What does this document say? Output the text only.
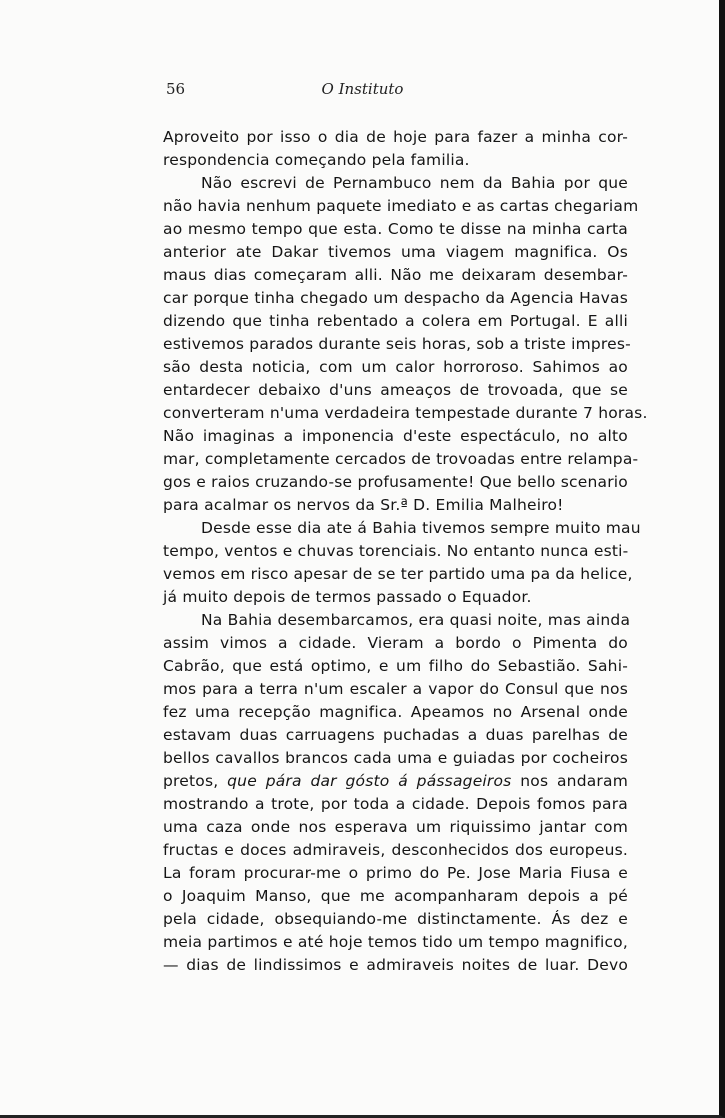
56	O Instituto
Aproveito por isso o dia de hoje para fazer a minha cor-
respondencia começando pela familia.
Não escrevi de Pernambuco nem da Bahia por que
não havia nenhum paquete imediato e as cartas chegariam
ao mesmo tempo que esta. Como te disse na minha carta
anterior ate Dakar tivemos uma viagem magnifica. Os
maus dias começaram alli. Não me deixaram desembar-
car porque tinha chegado um despacho da Agencia Havas
dizendo que tinha rebentado a colera em Portugal. E alli
estivemos parados durante seis horas, sob a triste impres-
são desta noticia, com um calor horroroso. Sahimos ao
entardecer debaixo d'uns ameaços de trovoada, que se
converteram n'uma verdadeira tempestade durante 7 horas.
Não imaginas a imponencia d'este espectáculo, no alto
mar, completamente cercados de trovoadas entre relampa-
gos e raios cruzando-se profusamente! Que bello scenario
para acalmar os nervos da Sr.ª D. Emilia Malheiro!
Desde esse dia ate á Bahia tivemos sempre muito mau
tempo, ventos e chuvas torenciais. No entanto nunca esti-
vemos em risco apesar de se ter partido uma pa da helice,
já muito depois de termos passado o Equador.
Na Bahia desembarcamos, era quasi noite, mas ainda
assim vimos a cidade. Vieram a bordo o Pimenta do
Cabrão, que está optimo, e um filho do Sebastião. Sahi-
mos para a terra n'um escaler a vapor do Consul que nos
fez uma recepção magnifica. Apeamos no Arsenal onde
estavam duas carruagens puchadas a duas parelhas de
bellos cavallos brancos cada uma e guiadas por cocheiros
pretos, que pára dar gósto á pássageiros nos andaram
mostrando a trote, por toda a cidade. Depois fomos para
uma caza onde nos esperava um riquissimo jantar com
fructas e doces admiraveis, desconhecidos dos europeus.
La foram procurar-me o primo do Pe. Jose Maria Fiusa e
o Joaquim Manso, que me acompanharam depois a pé
pela cidade, obsequiando-me distinctamente. Ás dez e
meia partimos e até hoje temos tido um tempo magnifico,
— dias de lindissimos e admiraveis noites de luar. Devo
